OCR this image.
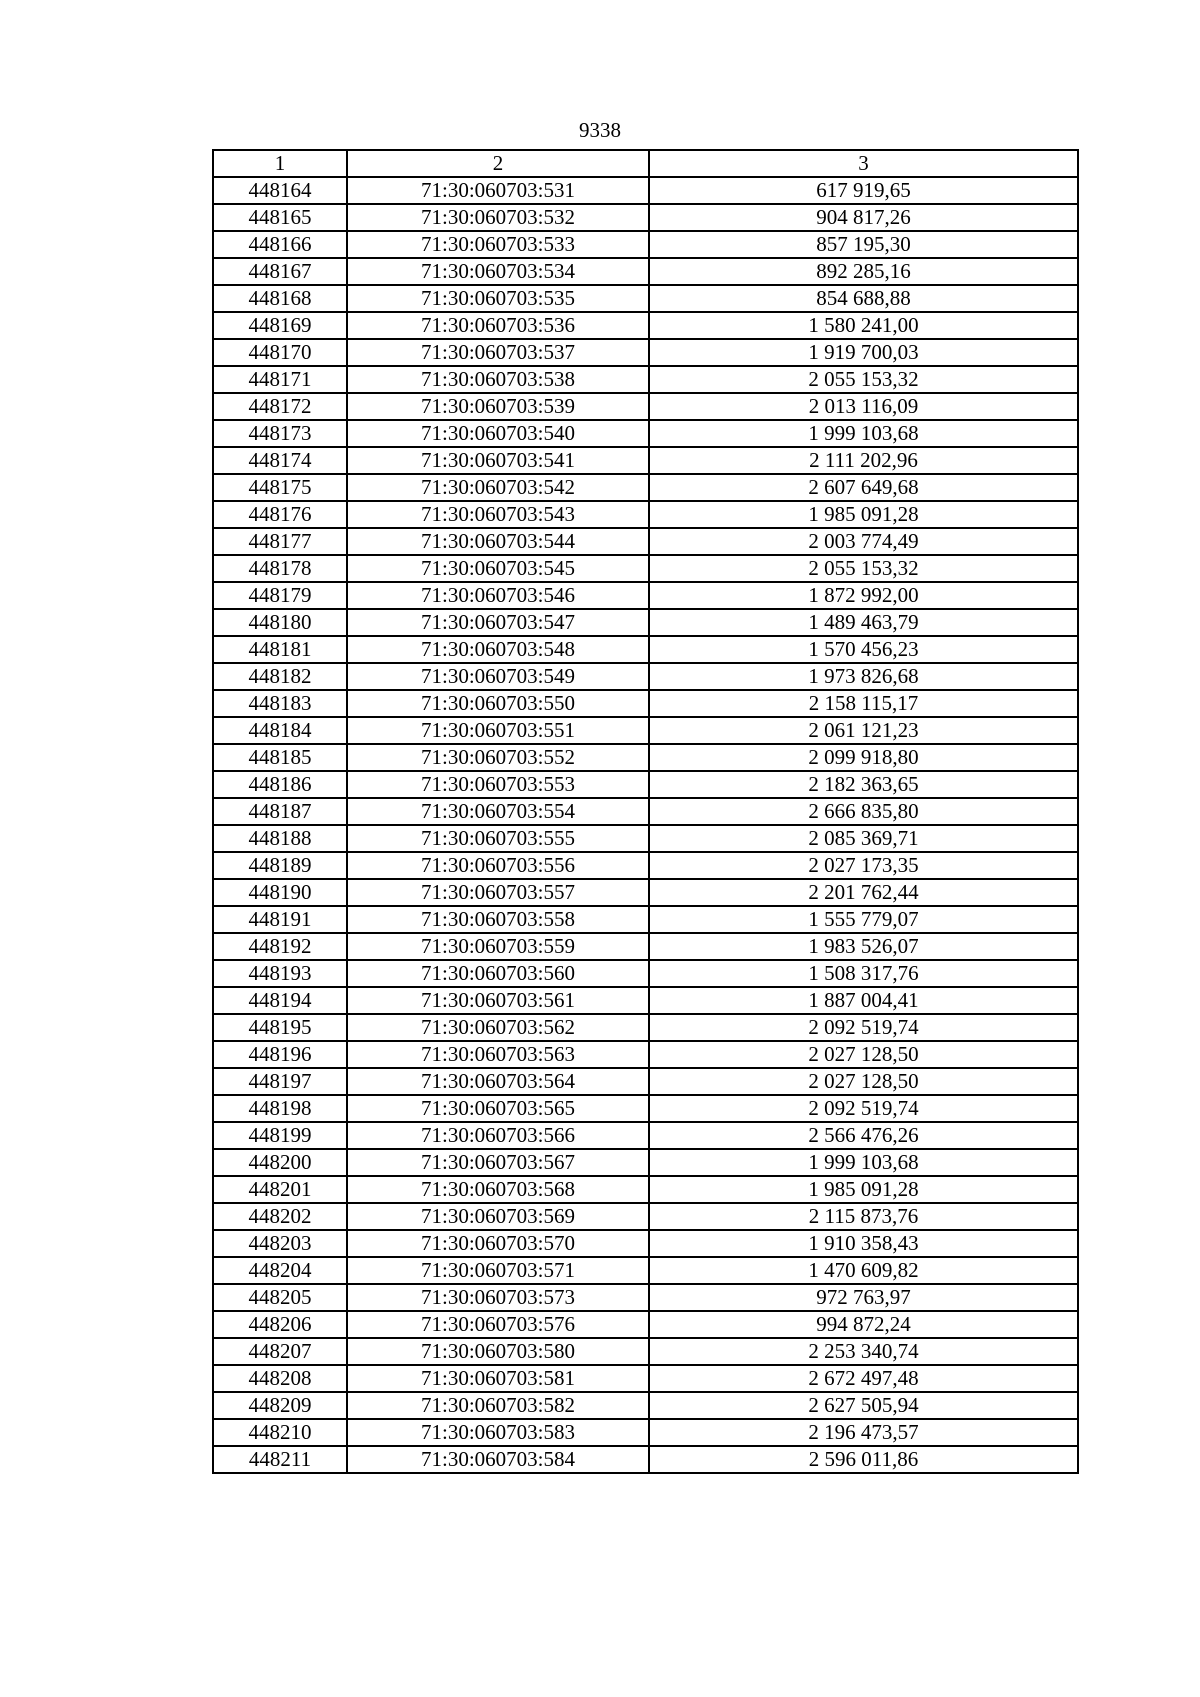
9338
1	2	3
448164	71:30:060703:531	617 919,65
448165	71:30:060703:532	904 817,26
448166	71:30:060703:533	857 195,30
448167	71:30:060703:534	892 285,16
448168	71:30:060703:535	854 688,88
448169	71:30:060703:536	1 580 241,00
448170	71:30:060703:537	1 919 700,03
448171	71:30:060703:538	2 055 153,32
448172	71:30:060703:539	2 013 116,09
448173	71:30:060703:540	1 999 103,68
448174	71:30:060703:541	2 111 202,96
448175	71:30:060703:542	2 607 649,68
448176	71:30:060703:543	1 985 091,28
448177	71:30:060703:544	2 003 774,49
448178	71:30:060703:545	2 055 153,32
448179	71:30:060703:546	1 872 992,00
448180	71:30:060703:547	1 489 463,79
448181	71:30:060703:548	1 570 456,23
448182	71:30:060703:549	1 973 826,68
448183	71:30:060703:550	2 158 115,17
448184	71:30:060703:551	2 061 121,23
448185	71:30:060703:552	2 099 918,80
448186	71:30:060703:553	2 182 363,65
448187	71:30:060703:554	2 666 835,80
448188	71:30:060703:555	2 085 369,71
448189	71:30:060703:556	2 027 173,35
448190	71:30:060703:557	2 201 762,44
448191	71:30:060703:558	1 555 779,07
448192	71:30:060703:559	1 983 526,07
448193	71:30:060703:560	1 508 317,76
448194	71:30:060703:561	1 887 004,41
448195	71:30:060703:562	2 092 519,74
448196	71:30:060703:563	2 027 128,50
448197	71:30:060703:564	2 027 128,50
448198	71:30:060703:565	2 092 519,74
448199	71:30:060703:566	2 566 476,26
448200	71:30:060703:567	1 999 103,68
448201	71:30:060703:568	1 985 091,28
448202	71:30:060703:569	2 115 873,76
448203	71:30:060703:570	1 910 358,43
448204	71:30:060703:571	1 470 609,82
448205	71:30:060703:573	972 763,97
448206	71:30:060703:576	994 872,24
448207	71:30:060703:580	2 253 340,74
448208	71:30:060703:581	2 672 497,48
448209	71:30:060703:582	2 627 505,94
448210	71:30:060703:583	2 196 473,57
448211	71:30:060703:584	2 596 011,86
